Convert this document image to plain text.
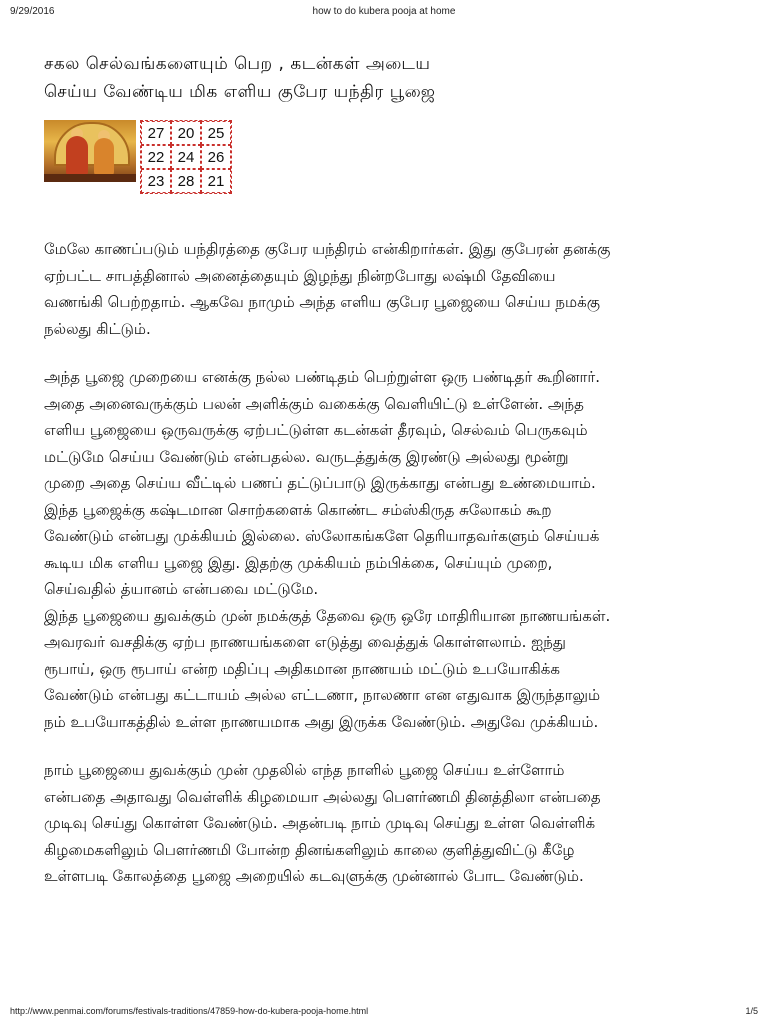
9/29/2016	how to do kubera pooja at home
சகல செல்வங்களையும் பெற , கடன்கள் அடைய
செய்ய வேண்டிய மிக எளிய குபேர யந்திர பூஜை
27 20 25
22 24 26
23 28 21
மேலே காணப்படும் யந்திரத்தை குபேர யந்திரம் என்கிறார்கள். இது குபேரன் தனக்கு
ஏற்பட்ட சாபத்தினால் அனைத்தையும் இழந்து நின்றபோது லஷ்மி தேவியை
வணங்கி பெற்றதாம். ஆகவே நாமும் அந்த எளிய குபேர பூஜையை செய்ய நமக்கு
நல்லது கிட்டும்.
அந்த பூஜை முறையை எனக்கு நல்ல பண்டிதம் பெற்றுள்ள ஒரு பண்டிதர் கூறினார்.
அதை அனைவருக்கும் பலன் அளிக்கும் வகைக்கு வெளியிட்டு உள்ளேன். அந்த
எளிய பூஜையை ஒருவருக்கு ஏற்பட்டுள்ள கடன்கள் தீரவும், செல்வம் பெருகவும்
மட்டுமே செய்ய வேண்டும் என்பதல்ல. வருடத்துக்கு இரண்டு அல்லது மூன்று
முறை அதை செய்ய வீட்டில் பணப் தட்டுப்பாடு இருக்காது என்பது உண்மையாம்.
இந்த பூஜைக்கு கஷ்டமான சொற்களைக் கொண்ட சம்ஸ்கிருத சுலோகம் கூற
வேண்டும் என்பது முக்கியம் இல்லை. ஸ்லோகங்களே தெரியாதவர்களும் செய்யக்
கூடிய மிக எளிய பூஜை இது. இதற்கு முக்கியம் நம்பிக்கை, செய்யும் முறை,
செய்வதில் த்யானம் என்பவை மட்டுமே.
இந்த பூஜையை துவக்கும் முன் நமக்குத் தேவை ஒரு ஒரே மாதிரியான நாணயங்கள்.
அவரவர் வசதிக்கு ஏற்ப நாணயங்களை எடுத்து வைத்துக் கொள்ளலாம். ஐந்து
ரூபாய், ஒரு ரூபாய் என்ற மதிப்பு அதிகமான நாணயம் மட்டும் உபயோகிக்க
வேண்டும் என்பது கட்டாயம் அல்ல எட்டணா, நாலணா என எதுவாக இருந்தாலும்
நம் உபயோகத்தில் உள்ள நாணயமாக அது இருக்க வேண்டும். அதுவே முக்கியம்.
நாம் பூஜையை துவக்கும் முன் முதலில் எந்த நாளில் பூஜை செய்ய உள்ளோம்
என்பதை அதாவது வெள்ளிக் கிழமையா அல்லது பௌர்ணமி தினத்திலா என்பதை
முடிவு செய்து கொள்ள வேண்டும். அதன்படி நாம் முடிவு செய்து உள்ள வெள்ளிக்
கிழமைகளிலும் பௌர்ணமி போன்ற தினங்களிலும் காலை குளித்துவிட்டு கீழே
உள்ளபடி கோலத்தை பூஜை அறையில் கடவுளுக்கு முன்னால் போட வேண்டும்.
http://www.penmai.com/forums/festivals-traditions/47859-how-do-kubera-pooja-home.html	1/5
